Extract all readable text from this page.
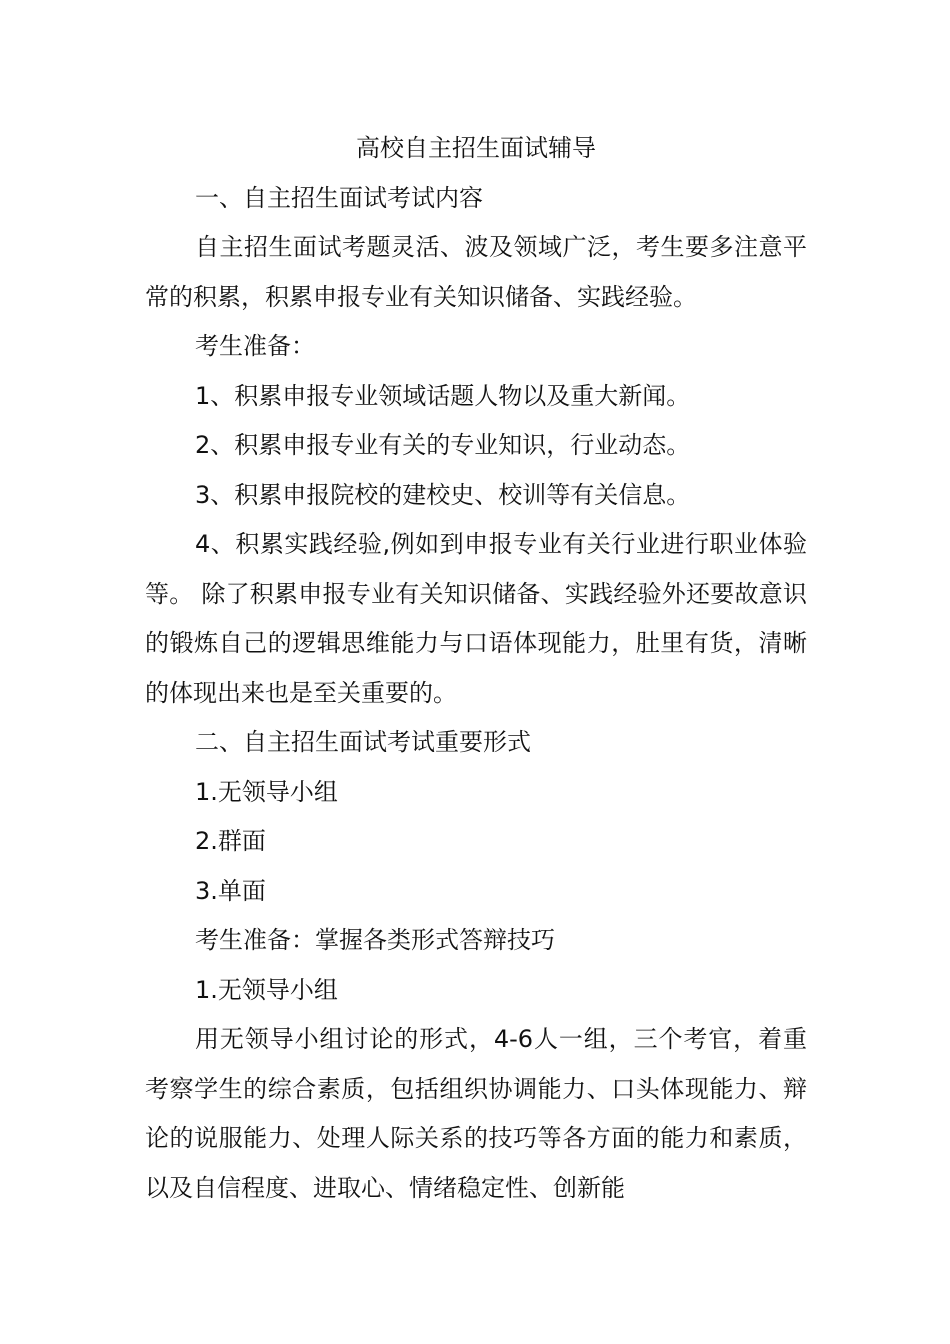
高校自主招生面试辅导

一、自主招生面试考试内容

自主招生面试考题灵活、波及领域广泛，考生要多注意平常的积累，积累申报专业有关知识储备、实践经验。

考生准备：

1、积累申报专业领域话题人物以及重大新闻。

2、积累申报专业有关的专业知识，行业动态。

3、积累申报院校的建校史、校训等有关信息。

4、积累实践经验,例如到申报专业有关行业进行职业体验等。 除了积累申报专业有关知识储备、实践经验外还要故意识的锻炼自己的逻辑思维能力与口语体现能力，肚里有货，清晰的体现出来也是至关重要的。

二、自主招生面试考试重要形式

1.无领导小组

2.群面

3.单面

考生准备：掌握各类形式答辩技巧

1.无领导小组

用无领导小组讨论的形式，4-6人一组，三个考官，着重考察学生的综合素质，包括组织协调能力、口头体现能力、辩论的说服能力、处理人际关系的技巧等各方面的能力和素质，以及自信程度、进取心、情绪稳定性、创新能
